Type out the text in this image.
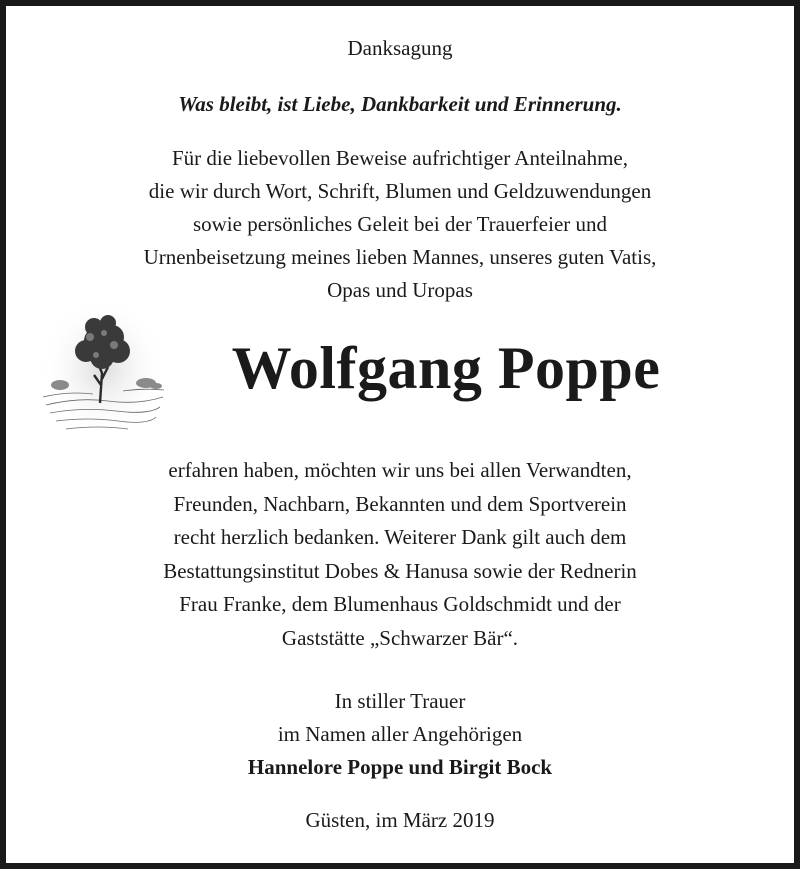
Danksagung
Was bleibt, ist Liebe, Dankbarkeit und Erinnerung.
Für die liebevollen Beweise aufrichtiger Anteilnahme,
die wir durch Wort, Schrift, Blumen und Geldzuwendungen
sowie persönliches Geleit bei der Trauerfeier und
Urnenbeisetzung meines lieben Mannes, unseres guten Vatis,
Opas und Uropas
Wolfgang Poppe
erfahren haben, möchten wir uns bei allen Verwandten,
Freunden, Nachbarn, Bekannten und dem Sportverein
recht herzlich bedanken. Weiterer Dank gilt auch dem
Bestattungsinstitut Dobes & Hanusa sowie der Rednerin
Frau Franke, dem Blumenhaus Goldschmidt und der
Gaststätte „Schwarzer Bär“.
In stiller Trauer
im Namen aller Angehörigen
Hannelore Poppe und Birgit Bock
Güsten, im März 2019
